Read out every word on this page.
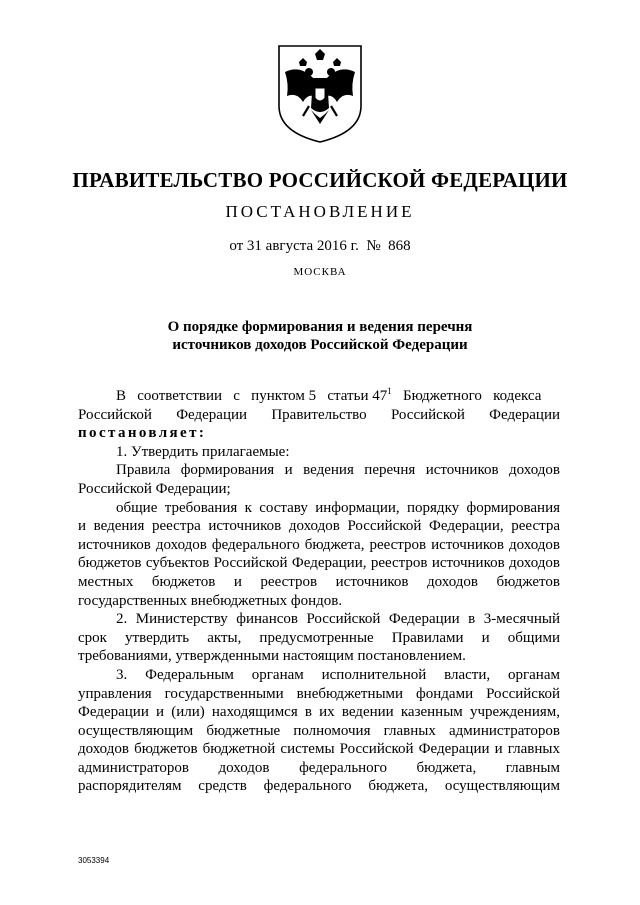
ПРАВИТЕЛЬСТВО РОССИЙСКОЙ ФЕДЕРАЦИИ
ПОСТАНОВЛЕНИЕ
от 31 августа 2016 г.  №  868
МОСКВА
О порядке формирования и ведения перечня
источников доходов Российской Федерации
В   соответствии   с   пунктом 5   статьи $47^1$   Бюджетного   кодекса
Российской Федерации Правительство Российской Федерации
постановляет:
1. Утвердить прилагаемые:
Правила формирования и ведения перечня источников доходов
Российской Федерации;
общие требования к составу информации, порядку формирования
и ведения реестра источников доходов Российской Федерации, реестра
источников доходов федерального бюджета, реестров источников доходов
бюджетов субъектов Российской Федерации, реестров источников доходов
местных бюджетов и реестров источников доходов бюджетов
государственных внебюджетных фондов.
2. Министерству финансов Российской Федерации в 3-месячный
срок утвердить акты, предусмотренные Правилами и общими
требованиями, утвержденными настоящим постановлением.
3. Федеральным органам исполнительной власти, органам
управления государственными внебюджетными фондами Российской
Федерации и (или) находящимся в их ведении казенным учреждениям,
осуществляющим бюджетные полномочия главных администраторов
доходов бюджетов бюджетной системы Российской Федерации и главных
администраторов доходов федерального бюджета, главным
распорядителям средств федерального бюджета, осуществляющим
3053394
